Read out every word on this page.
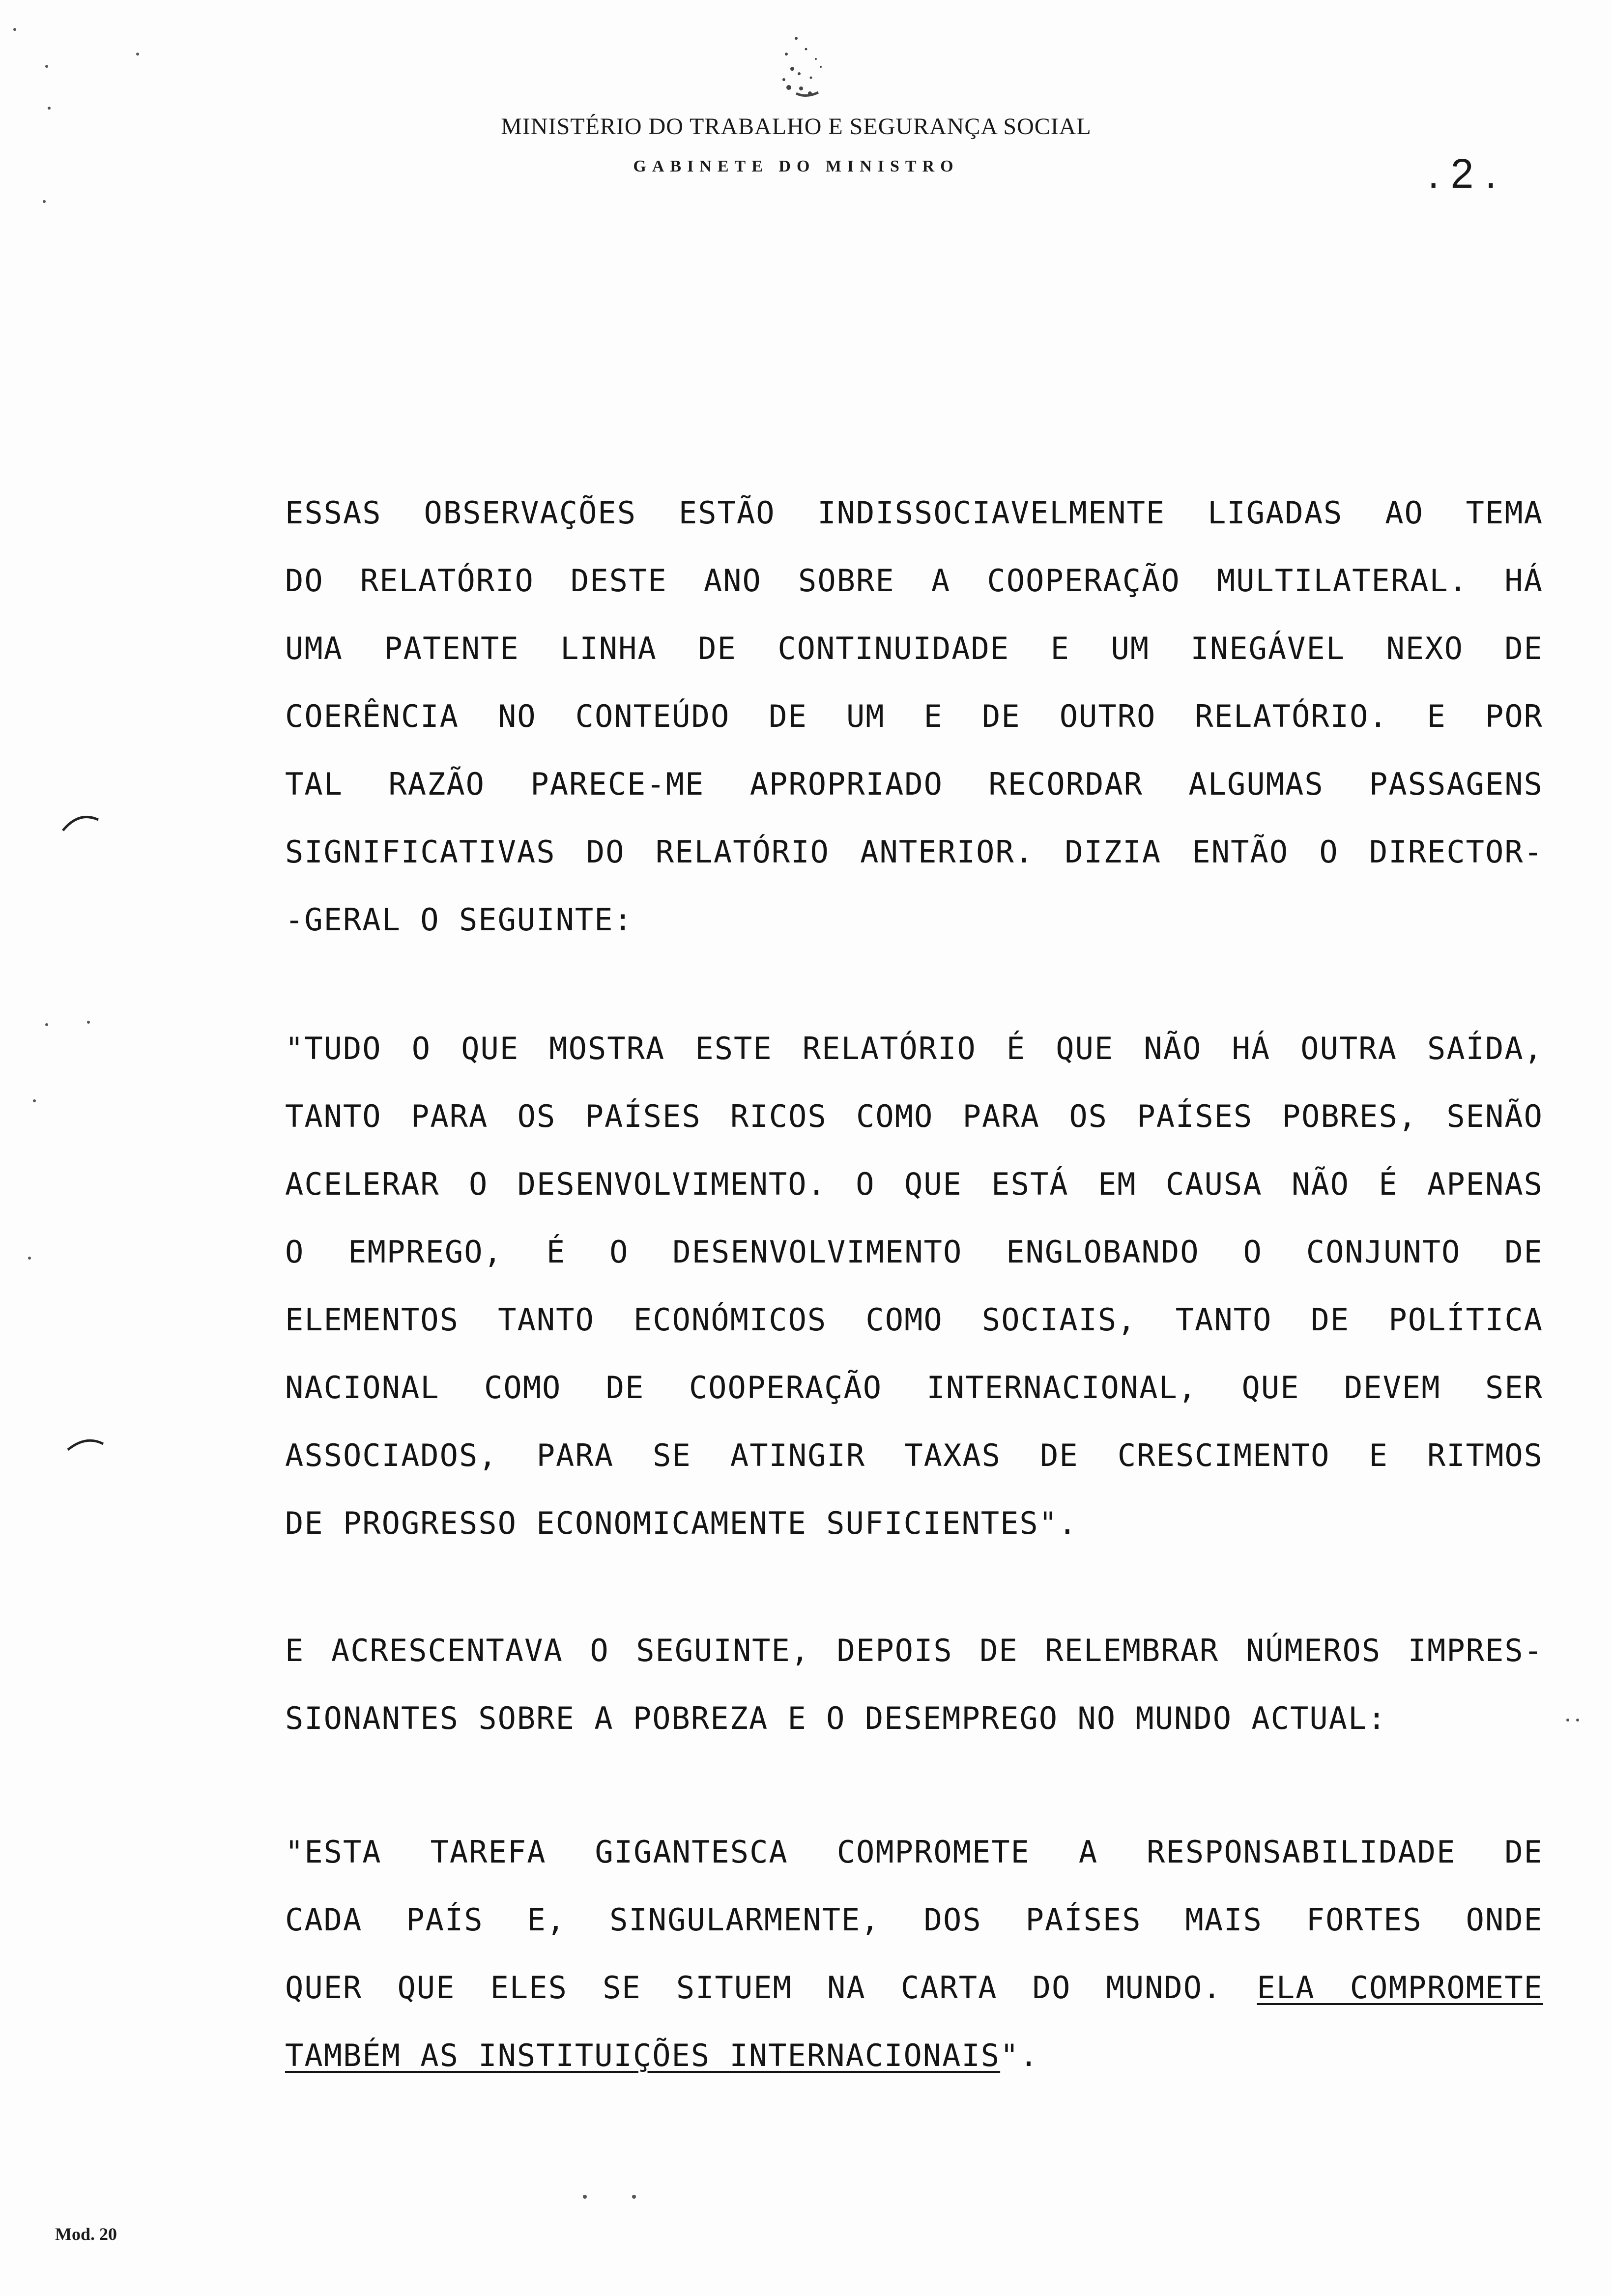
MINISTÉRIO DO TRABALHO E SEGURANÇA SOCIAL
GABINETE DO MINISTRO	. 2 .
ESSAS OBSERVAÇÕES ESTÃO INDISSOCIAVELMENTE LIGADAS AO TEMA
DO RELATÓRIO DESTE ANO SOBRE A COOPERAÇÃO MULTILATERAL. HÁ
UMA PATENTE LINHA DE CONTINUIDADE E UM INEGÁVEL NEXO DE
COERÊNCIA NO CONTEÚDO DE UM E DE OUTRO RELATÓRIO. E POR
TAL RAZÃO PARECE-ME APROPRIADO RECORDAR ALGUMAS PASSAGENS
SIGNIFICATIVAS DO RELATÓRIO ANTERIOR. DIZIA ENTÃO O DIRECTOR-
-GERAL O SEGUINTE:
"TUDO O QUE MOSTRA ESTE RELATÓRIO É QUE NÃO HÁ OUTRA SAÍDA,
TANTO PARA OS PAÍSES RICOS COMO PARA OS PAÍSES POBRES, SENÃO
ACELERAR O DESENVOLVIMENTO. O QUE ESTÁ EM CAUSA NÃO É APENAS
O EMPREGO, É O DESENVOLVIMENTO ENGLOBANDO O CONJUNTO DE
ELEMENTOS TANTO ECONÓMICOS COMO SOCIAIS, TANTO DE POLÍTICA
NACIONAL COMO DE COOPERAÇÃO INTERNACIONAL, QUE DEVEM SER
ASSOCIADOS, PARA SE ATINGIR TAXAS DE CRESCIMENTO E RITMOS
DE PROGRESSO ECONOMICAMENTE SUFICIENTES".
E ACRESCENTAVA O SEGUINTE, DEPOIS DE RELEMBRAR NÚMEROS IMPRES-
SIONANTES SOBRE A POBREZA E O DESEMPREGO NO MUNDO ACTUAL:
"ESTA TAREFA GIGANTESCA COMPROMETE A RESPONSABILIDADE DE
CADA PAÍS E, SINGULARMENTE, DOS PAÍSES MAIS FORTES ONDE
QUER QUE ELES SE SITUEM NA CARTA DO MUNDO. ELA COMPROMETE
TAMBÉM AS INSTITUIÇÕES INTERNACIONAIS".
Mod. 20
